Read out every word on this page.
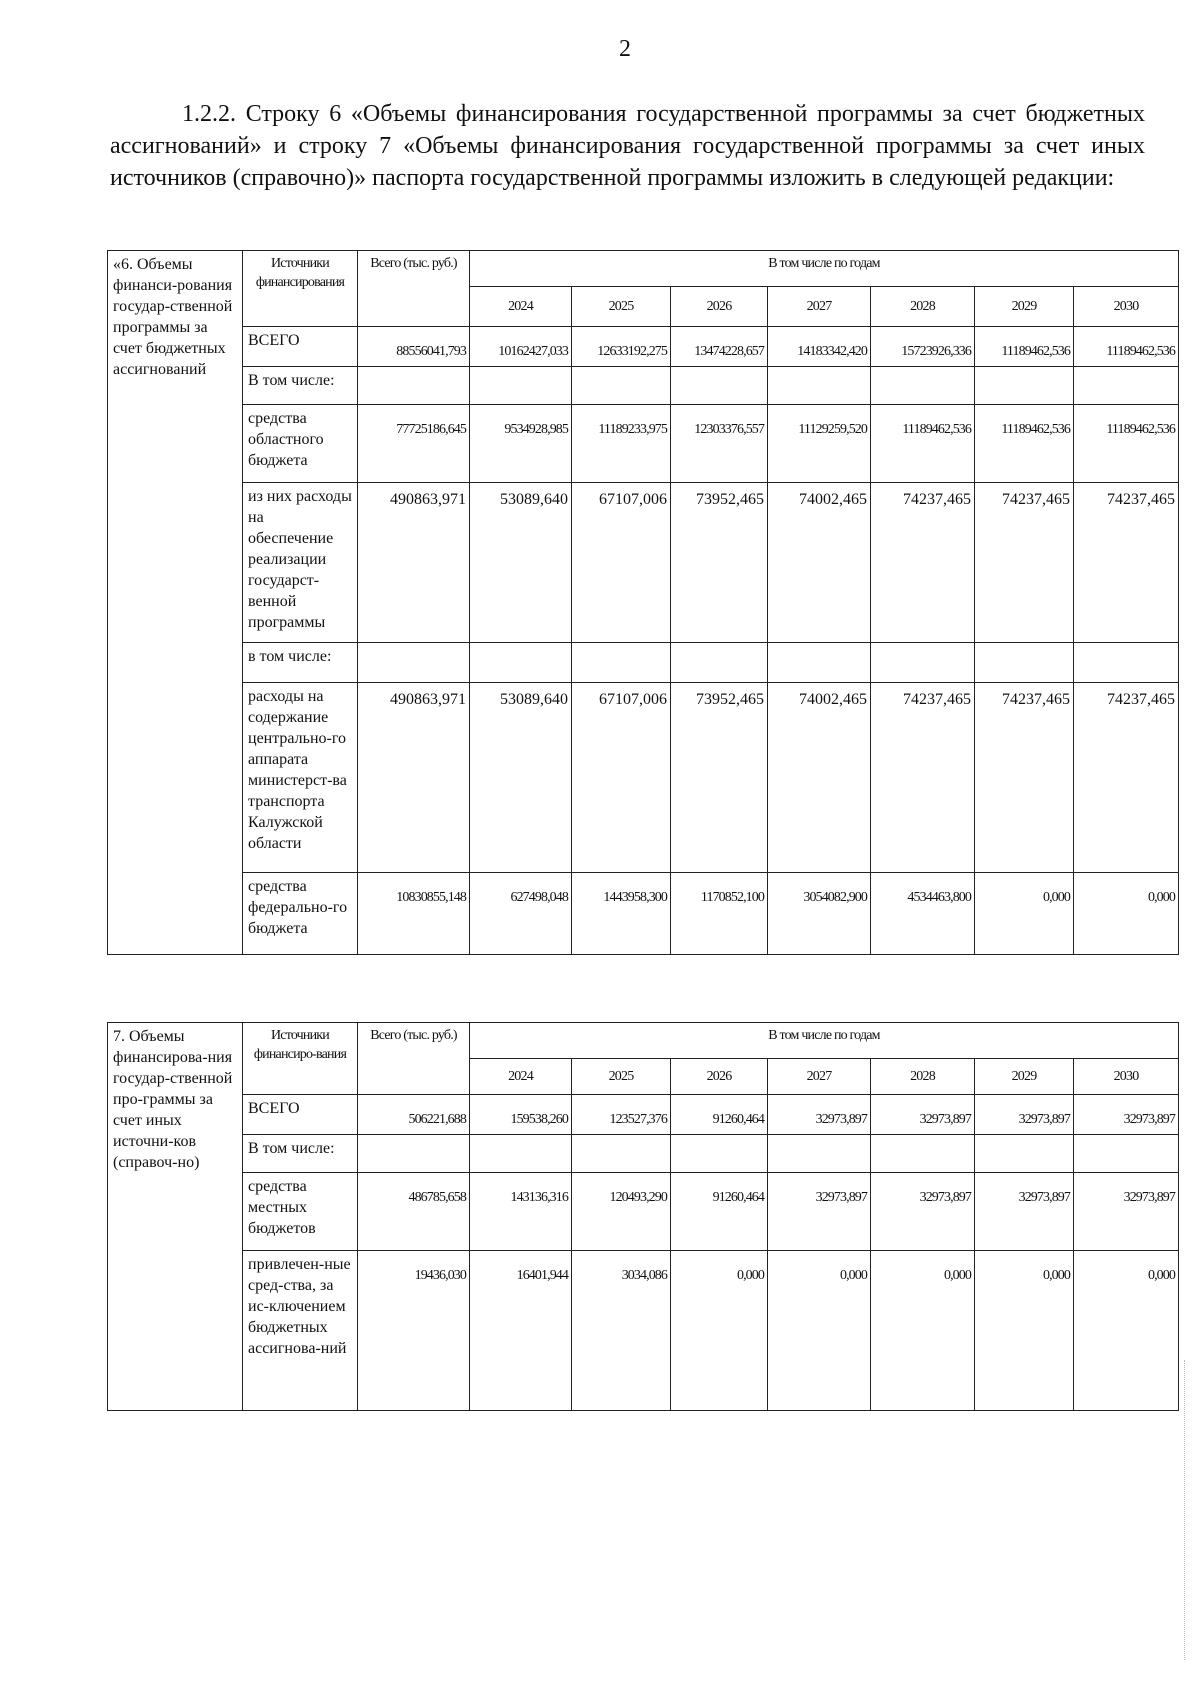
2
1.2.2. Строку 6 «Объемы финансирования государственной программы за счет бюджетных ассигнований» и строку 7 «Объемы финансирования государственной программы за счет иных источников (справочно)» паспорта государственной программы изложить в следующей редакции:
«6. Объемы финанси-рования государ-ственной программы за счет бюджетных ассигнований	Источники финансирования	Всего (тыс. руб.)	В том числе по годам						
			2024	2025	2026	2027	2028	2029	2030
	ВСЕГО	88556041,793	10162427,033	12633192,275	13474228,657	14183342,420	15723926,336	11189462,536	11189462,536
	В том числе:								
	средства областного бюджета	77725186,645	9534928,985	11189233,975	12303376,557	11129259,520	11189462,536	11189462,536	11189462,536
	из них расходы на обеспечение реализации государст-венной программы	490863,971	53089,640	67107,006	73952,465	74002,465	74237,465	74237,465	74237,465
	в том числе:								
	расходы на содержание центрально-го аппарата министерст-ва транспорта Калужской области	490863,971	53089,640	67107,006	73952,465	74002,465	74237,465	74237,465	74237,465
	средства федерально-го бюджета	10830855,148	627498,048	1443958,300	1170852,100	3054082,900	4534463,800	0,000	0,000
7. Объемы финансирова-ния государ-ственной про-граммы за счет иных источни-ков (справоч-но)	Источники финансиро-вания	Всего (тыс. руб.)	В том числе по годам						
			2024	2025	2026	2027	2028	2029	2030
	ВСЕГО	506221,688	159538,260	123527,376	91260,464	32973,897	32973,897	32973,897	32973,897
	В том числе:								
	средства местных бюджетов	486785,658	143136,316	120493,290	91260,464	32973,897	32973,897	32973,897	32973,897
	привлечен-ные сред-ства, за ис-ключением бюджетных ассигнова-ний	19436,030	16401,944	3034,086	0,000	0,000	0,000	0,000	0,000
